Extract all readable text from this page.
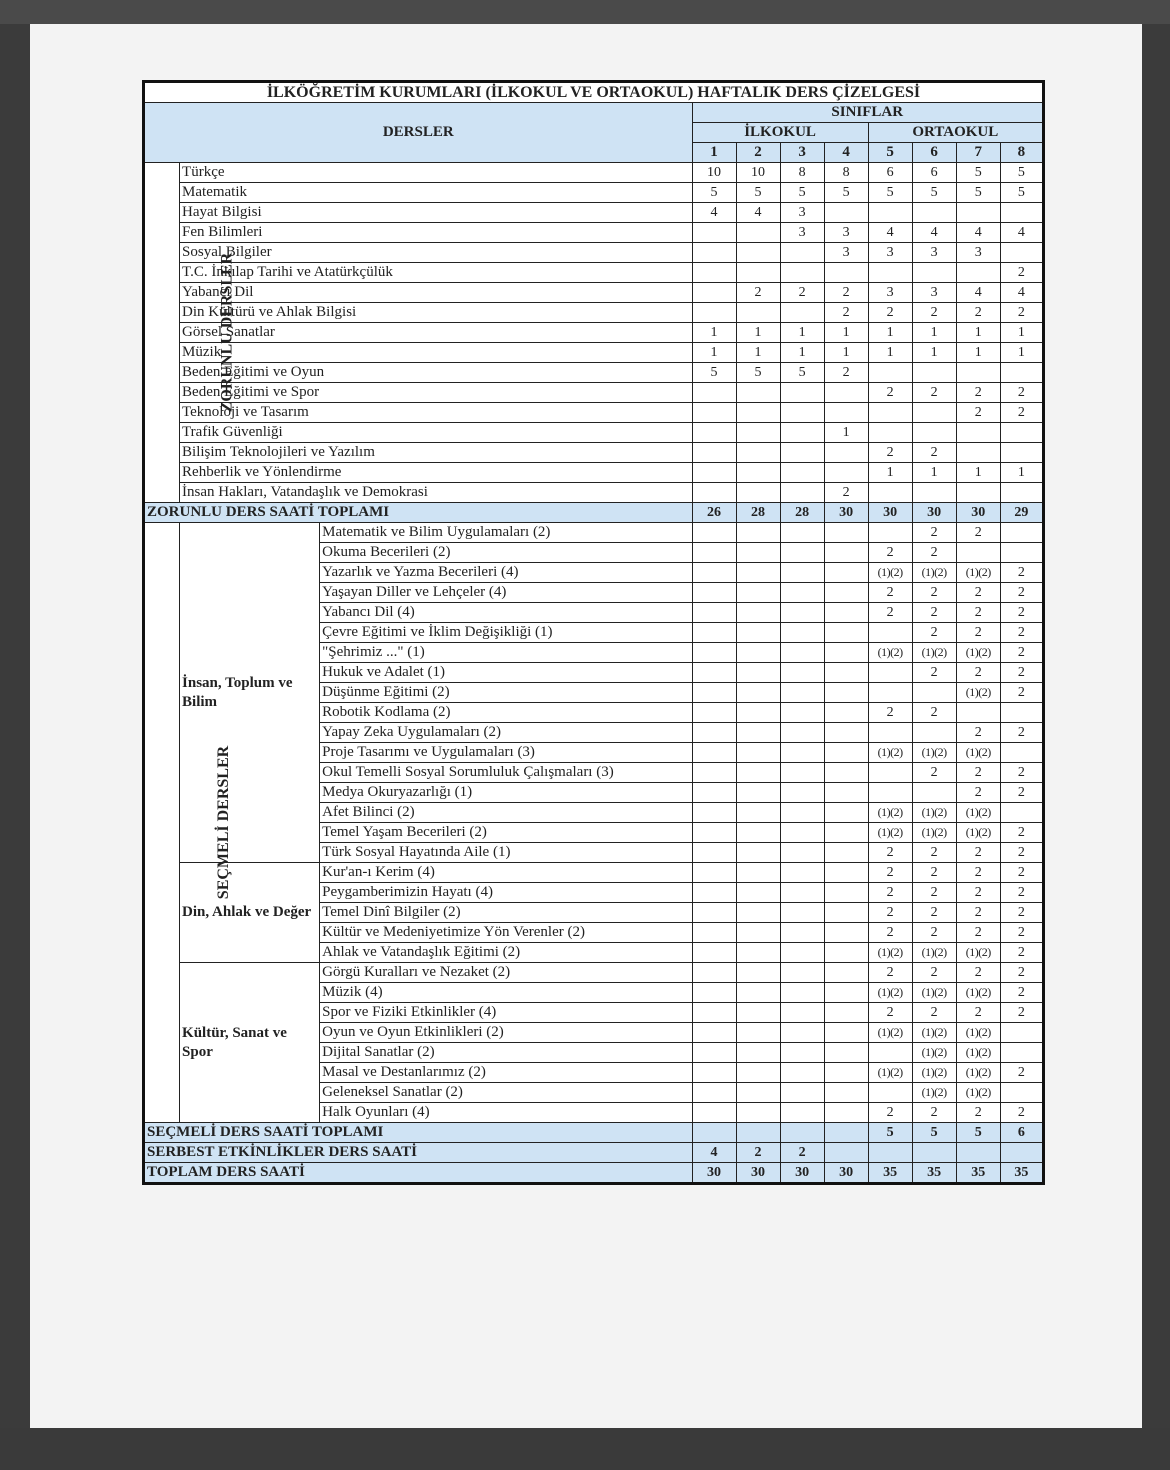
İLKÖĞRETİM KURUMLARI (İLKOKUL VE ORTAOKUL) HAFTALIK DERS ÇİZELGESİ										
DERSLER			SINIFLAR							
			İLKOKUL				ORTAOKUL			
			1	2	3	4	5	6	7	8
ZORUNLU DERSLER	Türkçe		10	10	8	8	6	6	5	5
	Matematik		5	5	5	5	5	5	5	5
	Hayat Bilgisi		4	4	3					
	Fen Bilimleri				3	3	4	4	4	4
	Sosyal Bilgiler					3	3	3	3	
	T.C. İnkılap Tarihi ve Atatürkçülük									2
	Yabancı Dil			2	2	2	3	3	4	4
	Din Kültürü ve Ahlak Bilgisi					2	2	2	2	2
	Görsel Sanatlar		1	1	1	1	1	1	1	1
	Müzik		1	1	1	1	1	1	1	1
	Beden Eğitimi ve Oyun		5	5	5	2				
	Beden Eğitimi ve Spor						2	2	2	2
	Teknoloji ve Tasarım								2	2
	Trafik Güvenliği					1				
	Bilişim Teknolojileri ve Yazılım						2	2		
	Rehberlik ve Yönlendirme						1	1	1	1
	İnsan Hakları, Vatandaşlık ve Demokrasi					2				
ZORUNLU DERS SAATİ TOPLAMI			26	28	28	30	30	30	30	29
SEÇMELİ DERSLER	İnsan, Toplum ve Bilim	Matematik ve Bilim Uygulamaları (2)						2	2	
		Okuma Becerileri (2)					2	2		
		Yazarlık ve Yazma Becerileri (4)					(1)(2)	(1)(2)	(1)(2)	2
		Yaşayan Diller ve Lehçeler (4)					2	2	2	2
		Yabancı Dil (4)					2	2	2	2
		Çevre Eğitimi ve İklim Değişikliği (1)						2	2	2
		"Şehrimiz ..." (1)					(1)(2)	(1)(2)	(1)(2)	2
		Hukuk ve Adalet (1)						2	2	2
		Düşünme Eğitimi (2)							(1)(2)	2
		Robotik Kodlama (2)					2	2		
		Yapay Zeka Uygulamaları (2)							2	2
		Proje Tasarımı ve Uygulamaları (3)					(1)(2)	(1)(2)	(1)(2)	
		Okul Temelli Sosyal Sorumluluk Çalışmaları (3)						2	2	2
		Medya Okuryazarlığı (1)							2	2
		Afet Bilinci (2)					(1)(2)	(1)(2)	(1)(2)	
		Temel Yaşam Becerileri (2)					(1)(2)	(1)(2)	(1)(2)	2
		Türk Sosyal Hayatında Aile (1)					2	2	2	2
	Din, Ahlak ve Değer	Kur'an-ı Kerim (4)					2	2	2	2
		Peygamberimizin Hayatı (4)					2	2	2	2
		Temel Dinî Bilgiler (2)					2	2	2	2
		Kültür ve Medeniyetimize Yön Verenler (2)					2	2	2	2
		Ahlak ve Vatandaşlık Eğitimi (2)					(1)(2)	(1)(2)	(1)(2)	2
	Kültür, Sanat ve Spor	Görgü Kuralları ve Nezaket (2)					2	2	2	2
		Müzik (4)					(1)(2)	(1)(2)	(1)(2)	2
		Spor ve Fiziki Etkinlikler (4)					2	2	2	2
		Oyun ve Oyun Etkinlikleri (2)					(1)(2)	(1)(2)	(1)(2)	
		Dijital Sanatlar (2)						(1)(2)	(1)(2)	
		Masal ve Destanlarımız (2)					(1)(2)	(1)(2)	(1)(2)	2
		Geleneksel Sanatlar (2)						(1)(2)	(1)(2)	
		Halk Oyunları (4)					2	2	2	2
SEÇMELİ DERS SAATİ TOPLAMI							5	5	5	6
SERBEST ETKİNLİKLER DERS SAATİ			4	2	2					
TOPLAM DERS SAATİ			30	30	30	30	35	35	35	35
